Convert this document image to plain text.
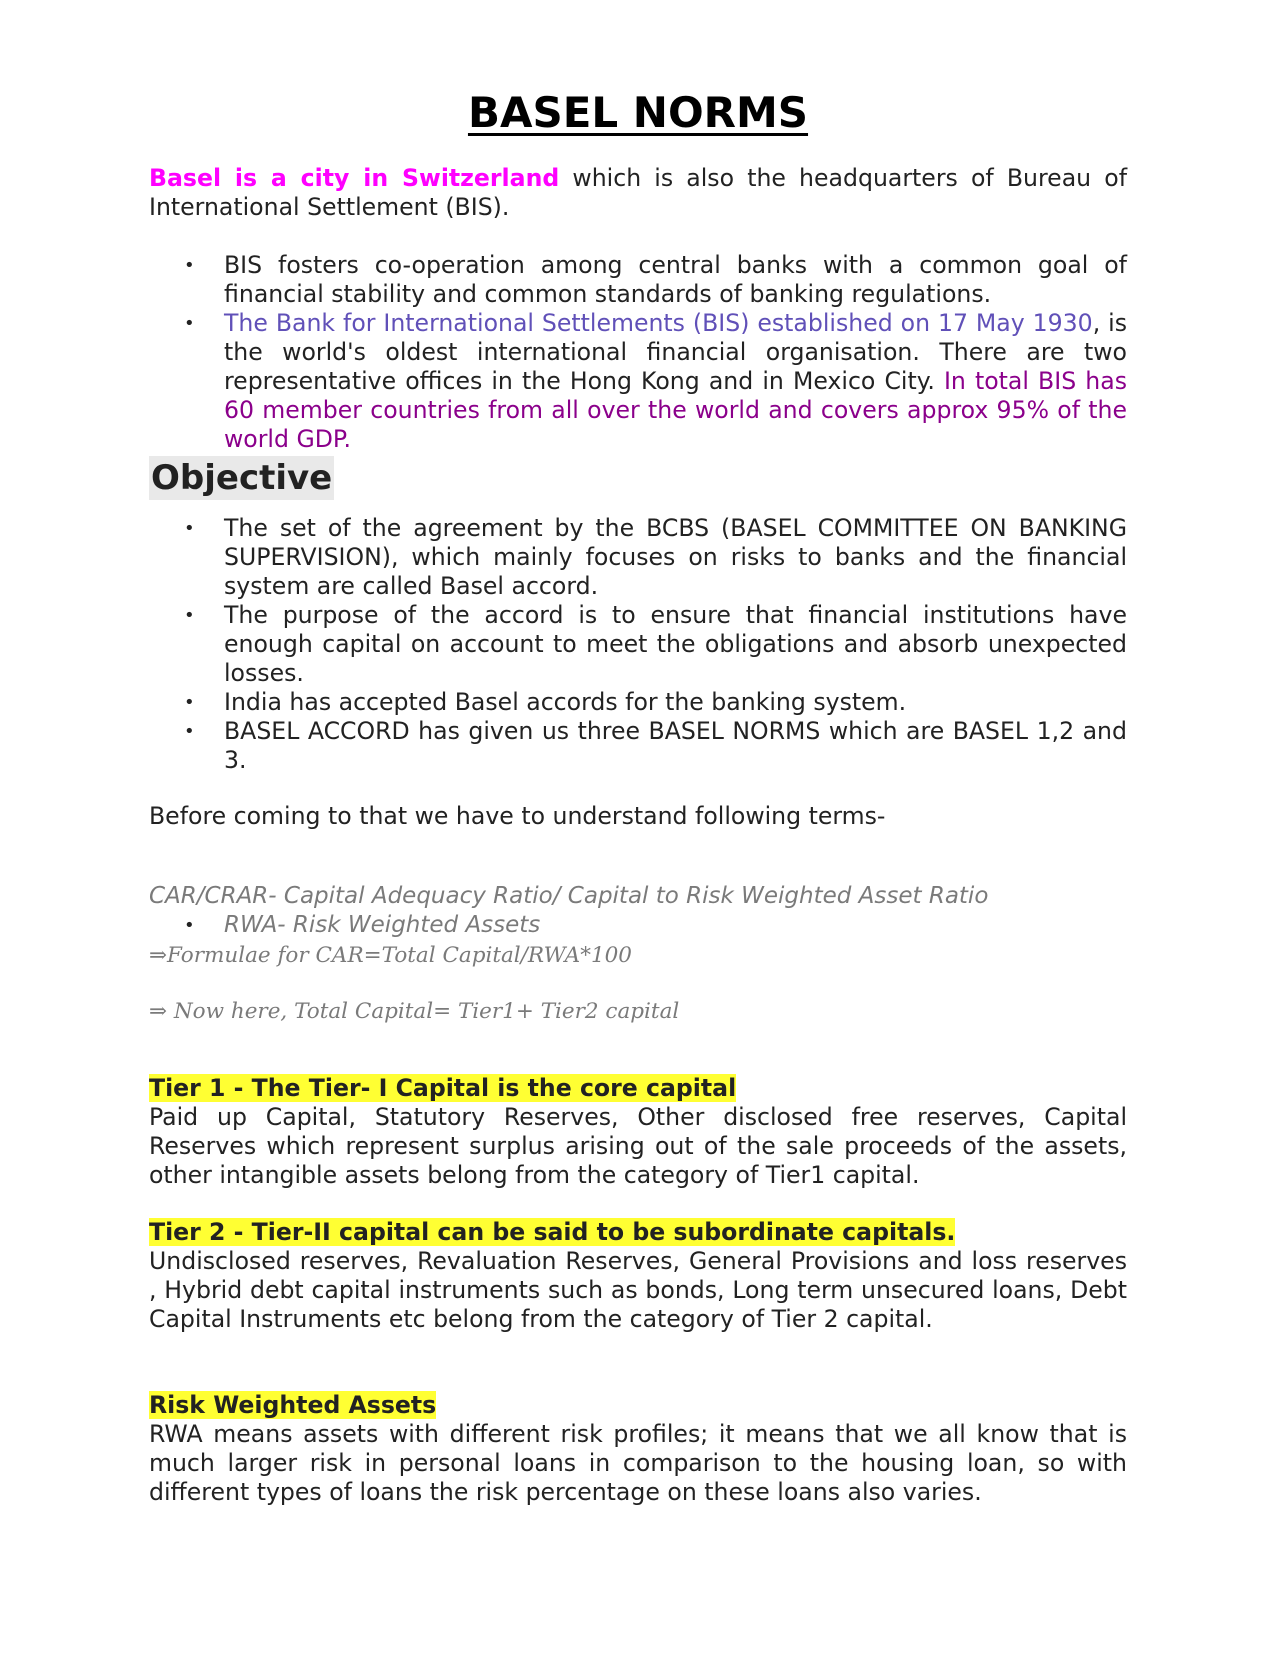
BASEL NORMS

Basel is a city in Switzerland which is also the headquarters of Bureau of International Settlement (BIS).

• BIS fosters co-operation among central banks with a common goal of financial stability and common standards of banking regulations.
• The Bank for International Settlements (BIS) established on 17 May 1930, is the world's oldest international financial organisation. There are two representative offices in the Hong Kong and in Mexico City. In total BIS has 60 member countries from all over the world and covers approx 95% of the world GDP.
Objective
• The set of the agreement by the BCBS (BASEL COMMITTEE ON BANKING SUPERVISION), which mainly focuses on risks to banks and the financial system are called Basel accord.
• The purpose of the accord is to ensure that financial institutions have enough capital on account to meet the obligations and absorb unexpected losses.
• India has accepted Basel accords for the banking system.
• BASEL ACCORD has given us three BASEL NORMS which are BASEL 1,2 and 3.

Before coming to that we have to understand following terms-

CAR/CRAR- Capital Adequacy Ratio/ Capital to Risk Weighted Asset Ratio

• RWA- Risk Weighted Assets

⇒Formulae for CAR=Total Capital/RWA*100

⇒ Now here, Total Capital= Tier1+ Tier2 capital

Tier 1 - The Tier- I Capital is the core capital

Paid up Capital, Statutory Reserves, Other disclosed free reserves, Capital Reserves which represent surplus arising out of the sale proceeds of the assets, other intangible assets belong from the category of Tier1 capital.

Tier 2 - Tier-II capital can be said to be subordinate capitals.

Undisclosed reserves, Revaluation Reserves, General Provisions and loss reserves , Hybrid debt capital instruments such as bonds, Long term unsecured loans, Debt Capital Instruments etc belong from the category of Tier 2 capital.

Risk Weighted Assets

RWA means assets with different risk profiles; it means that we all know that is much larger risk in personal loans in comparison to the housing loan, so with different types of loans the risk percentage on these loans also varies.
